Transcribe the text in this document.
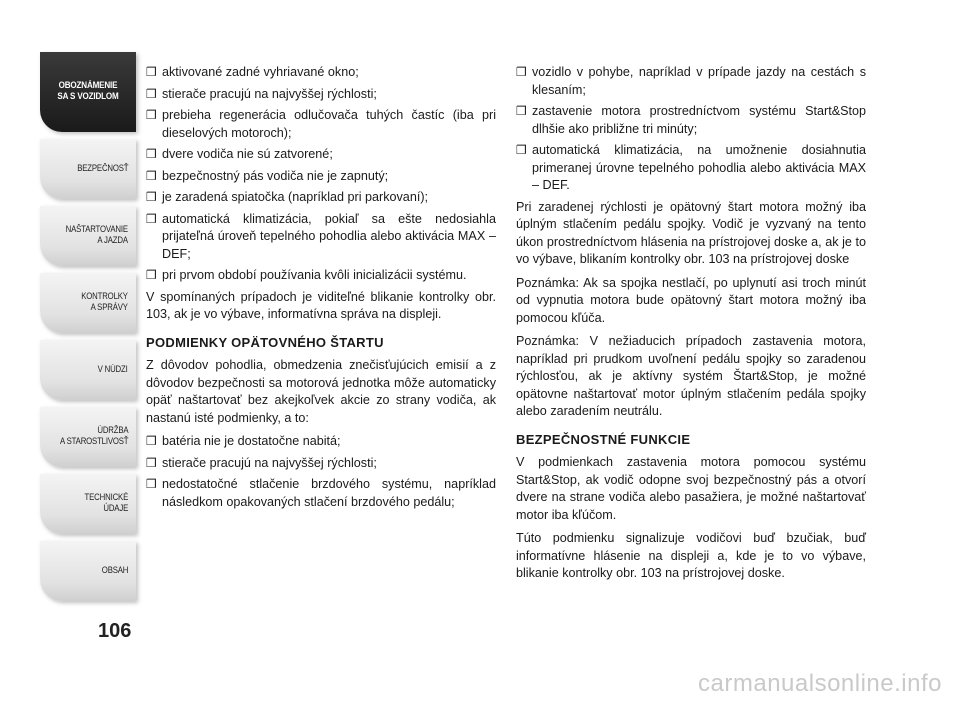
OBOZNÁMENIE
SA S VOZIDLOM
BEZPEČNOSŤ
NAŠTARTOVANIE
A JAZDA
KONTROLKY
A SPRÁVY
V NÚDZI
ÚDRŽBA
A STAROSTLIVOSŤ
TECHNICKÉ
ÚDAJE
OBSAH
106
❒ aktivované zadné vyhriavané okno;
❒ stierače pracujú na najvyššej rýchlosti;
❒ prebieha regenerácia odlučovača tuhých častíc (iba pri dieselových motoroch);
❒ dvere vodiča nie sú zatvorené;
❒ bezpečnostný pás vodiča nie je zapnutý;
❒ je zaradená spiatočka (napríklad pri parkovaní);
❒ automatická klimatizácia, pokiaľ sa ešte nedosiahla prijateľná úroveň tepelného pohodlia alebo aktivácia MAX – DEF;
❒ pri prvom období používania kvôli inicializácii systému.

V spomínaných prípadoch je viditeľné blikanie kontrolky obr. 103, ak je vo výbave, informatívna správa na displeji.

PODMIENKY OPÄTOVNÉHO ŠTARTU

Z dôvodov pohodlia, obmedzenia znečisťujúcich emisií a z dôvodov bezpečnosti sa motorová jednotka môže automaticky opäť naštartovať bez akejkoľvek akcie zo strany vodiča, ak nastanú isté podmienky, a to:

❒ batéria nie je dostatočne nabitá;
❒ stierače pracujú na najvyššej rýchlosti;
❒ nedostatočné stlačenie brzdového systému, napríklad následkom opakovaných stlačení brzdového pedálu;
❒ vozidlo v pohybe, napríklad v prípade jazdy na cestách s klesaním;
❒ zastavenie motora prostredníctvom systému Start&Stop dlhšie ako približne tri minúty;
❒ automatická klimatizácia, na umožnenie dosiahnutia primeranej úrovne tepelného pohodlia alebo aktivácia MAX – DEF.

Pri zaradenej rýchlosti je opätovný štart motora možný iba úplným stlačením pedálu spojky. Vodič je vyzvaný na tento úkon prostredníctvom hlásenia na prístrojovej doske a, ak je to vo výbave, blikaním kontrolky obr. 103 na prístrojovej doske

Poznámka: Ak sa spojka nestlačí, po uplynutí asi troch minút od vypnutia motora bude opätovný štart motora možný iba pomocou kľúča.

Poznámka: V nežiaducich prípadoch zastavenia motora, napríklad pri prudkom uvoľnení pedálu spojky so zaradenou rýchlosťou, ak je aktívny systém Štart&Stop, je možné opätovne naštartovať motor úplným stlačením pedála spojky alebo zaradením neutrálu.

BEZPEČNOSTNÉ FUNKCIE

V podmienkach zastavenia motora pomocou systému Start&Stop, ak vodič odopne svoj bezpečnostný pás a otvorí dvere na strane vodiča alebo pasažiera, je možné naštartovať motor iba kľúčom.

Túto podmienku signalizuje vodičovi buď bzučiak, buď informatívne hlásenie na displeji a, kde je to vo výbave, blikanie kontrolky obr. 103 na prístrojovej doske.

carmanualsonline.info
